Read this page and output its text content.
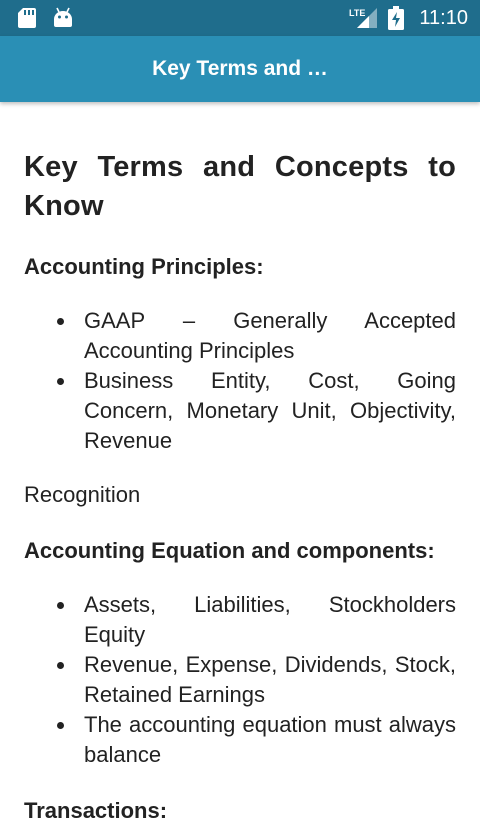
LTE	11:10
Key Terms and …
Key Terms and Concepts to Know
Accounting Principles:
GAAP – Generally Accepted Accounting Principles
Business Entity, Cost, Going Concern, Monetary Unit, Objectivity, Revenue

Recognition

Accounting Equation and components:
Assets, Liabilities, Stockholders Equity
Revenue, Expense, Dividends, Stock, Retained Earnings
The accounting equation must always balance
Transactions:
